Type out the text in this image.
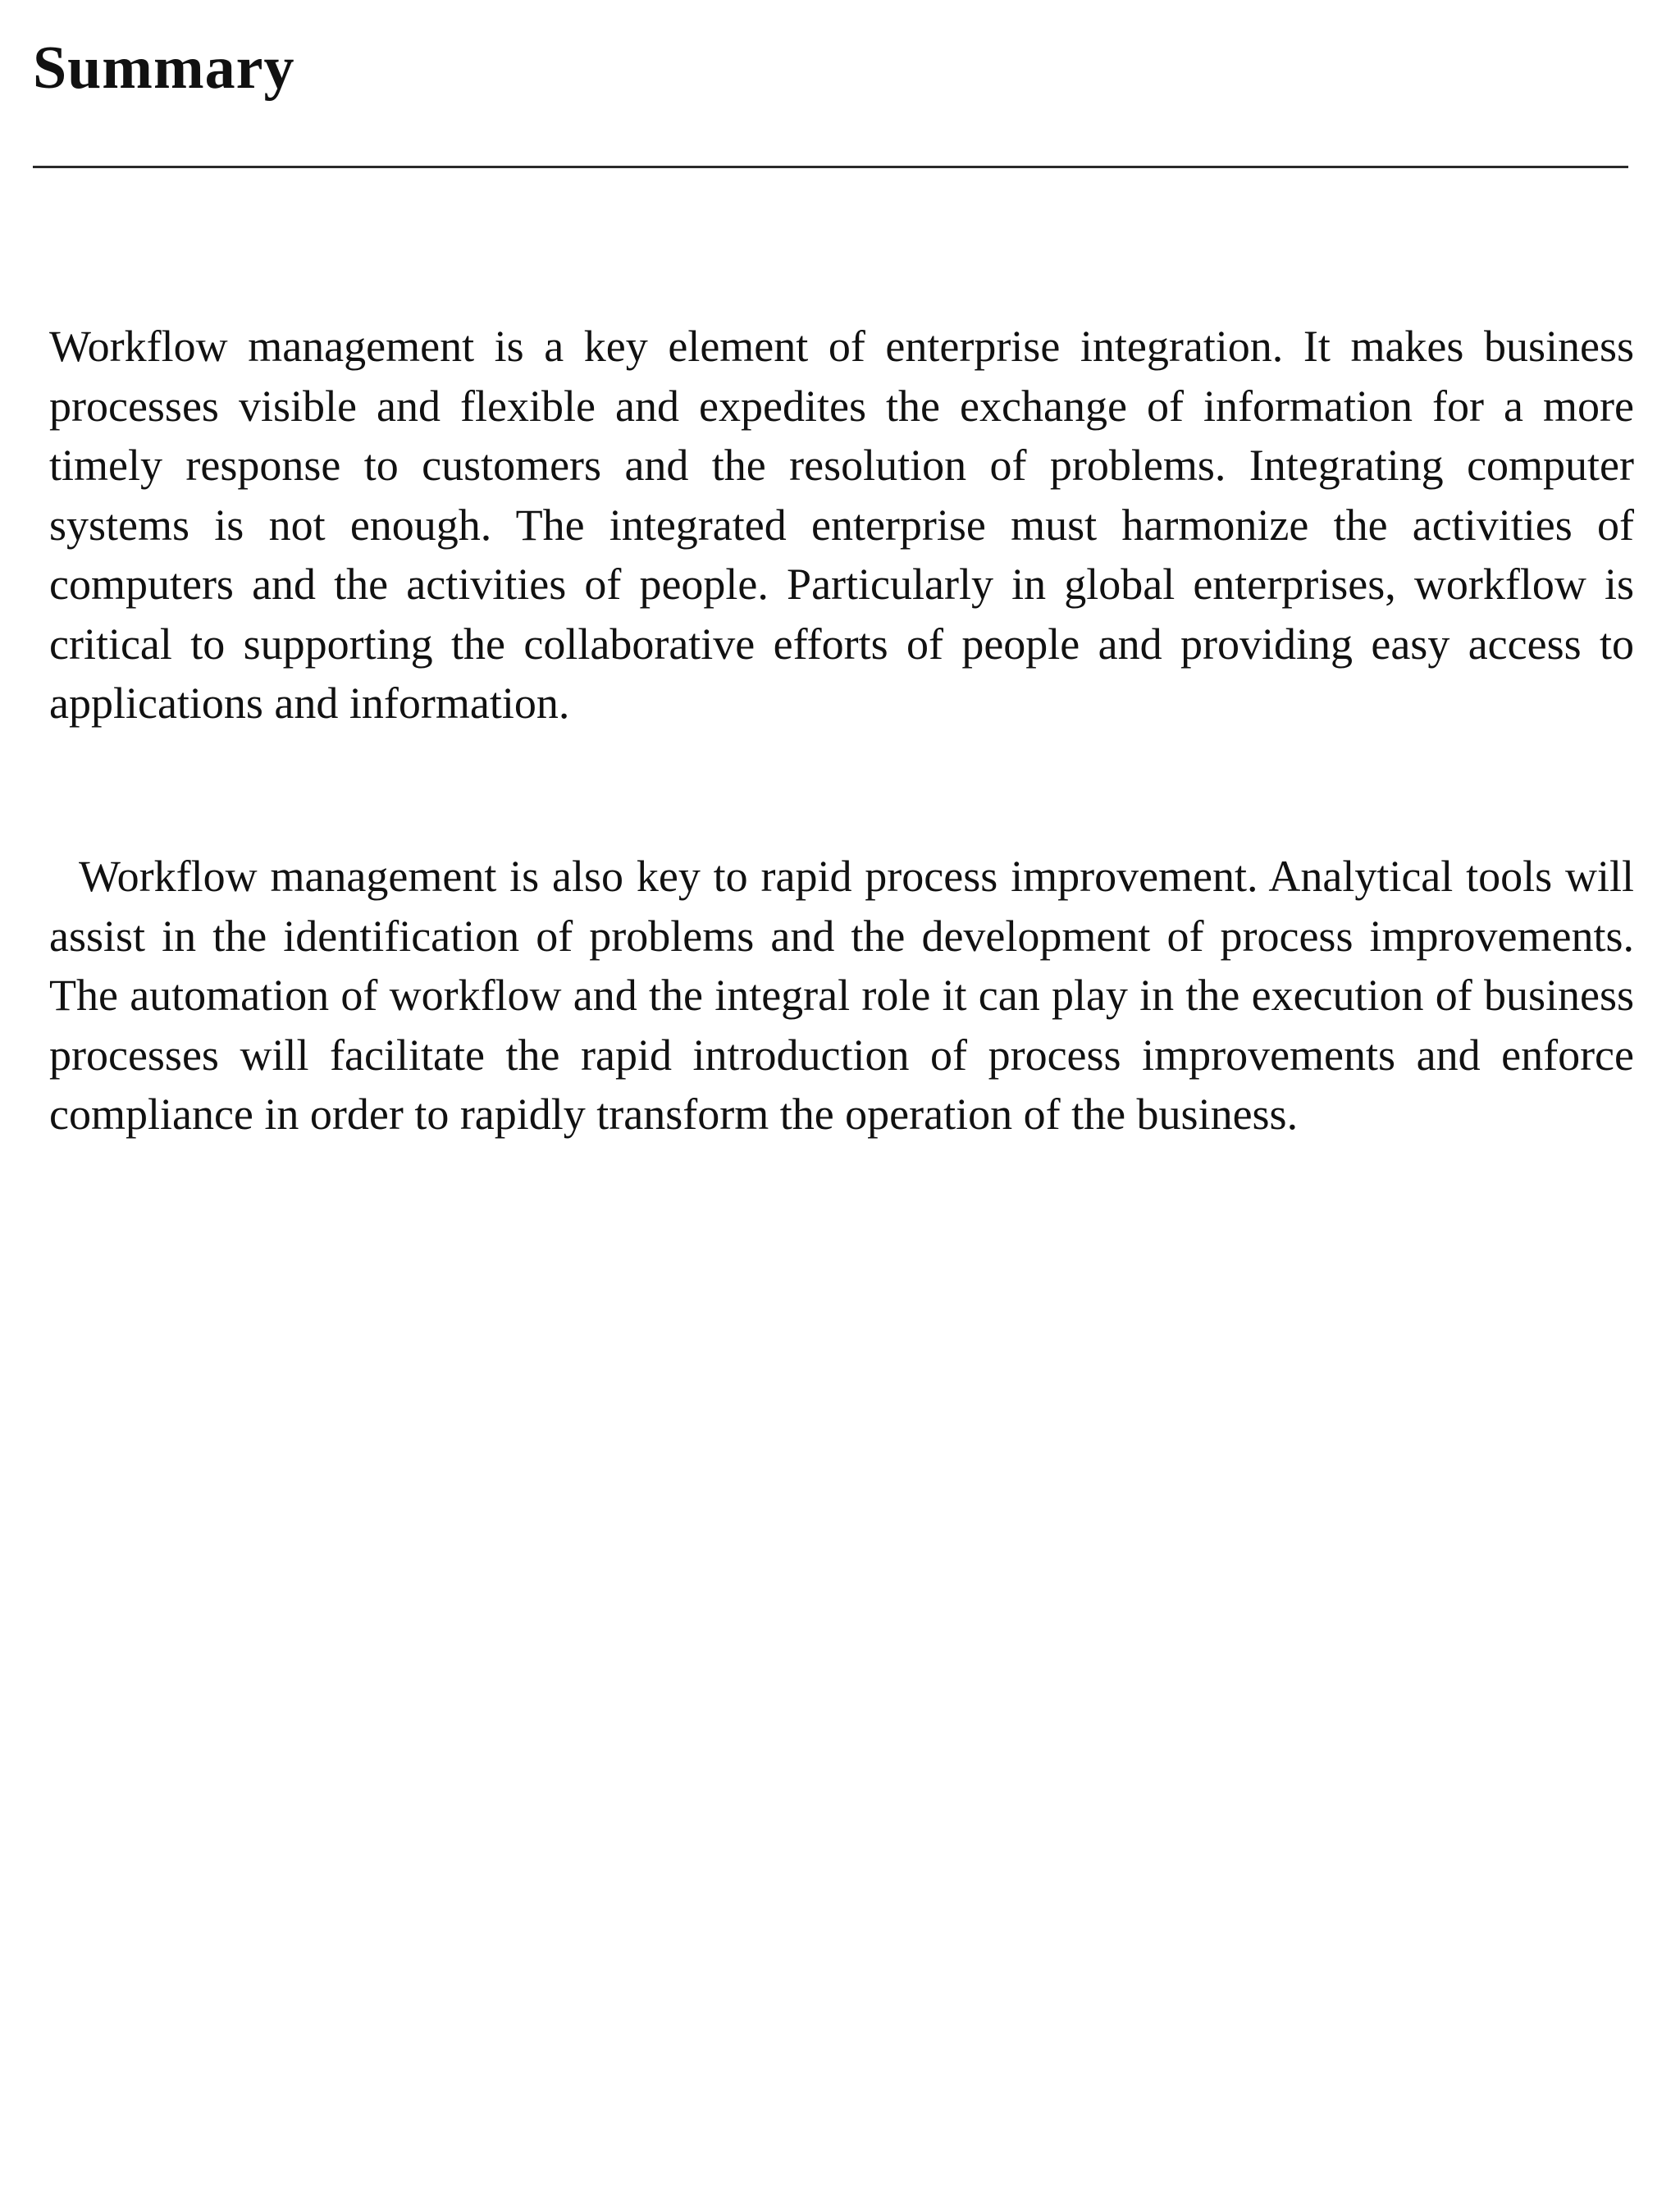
Summary

Workflow management is a key element of enterprise integration. It makes business processes visible and flexible and expedites the exchange of information for a more timely response to customers and the resolution of problems. Integrating computer systems is not enough. The integrated enterprise must harmonize the activities of computers and the activities of people. Particularly in global enterprises, workflow is critical to supporting the collaborative efforts of people and providing easy access to applications and information.

Workflow management is also key to rapid process improvement. Analytical tools will assist in the identification of problems and the development of process improvements. The automation of workflow and the integral role it can play in the execution of business processes will facilitate the rapid introduction of process improvements and enforce compliance in order to rapidly transform the operation of the business.
